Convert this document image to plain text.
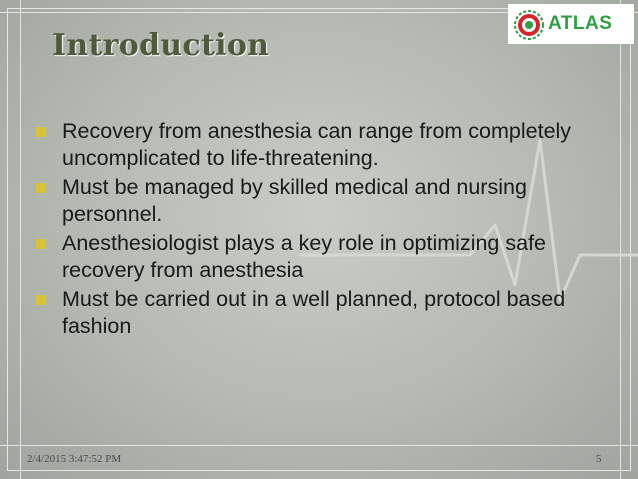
Introduction
ATLAS
Recovery from anesthesia can range from completely uncomplicated to life-threatening.
Must be managed by skilled medical and nursing personnel.
Anesthesiologist plays a key role in optimizing safe recovery from anesthesia
Must be carried out in a well planned, protocol based fashion
2/4/2015 3:47:52 PM	5
